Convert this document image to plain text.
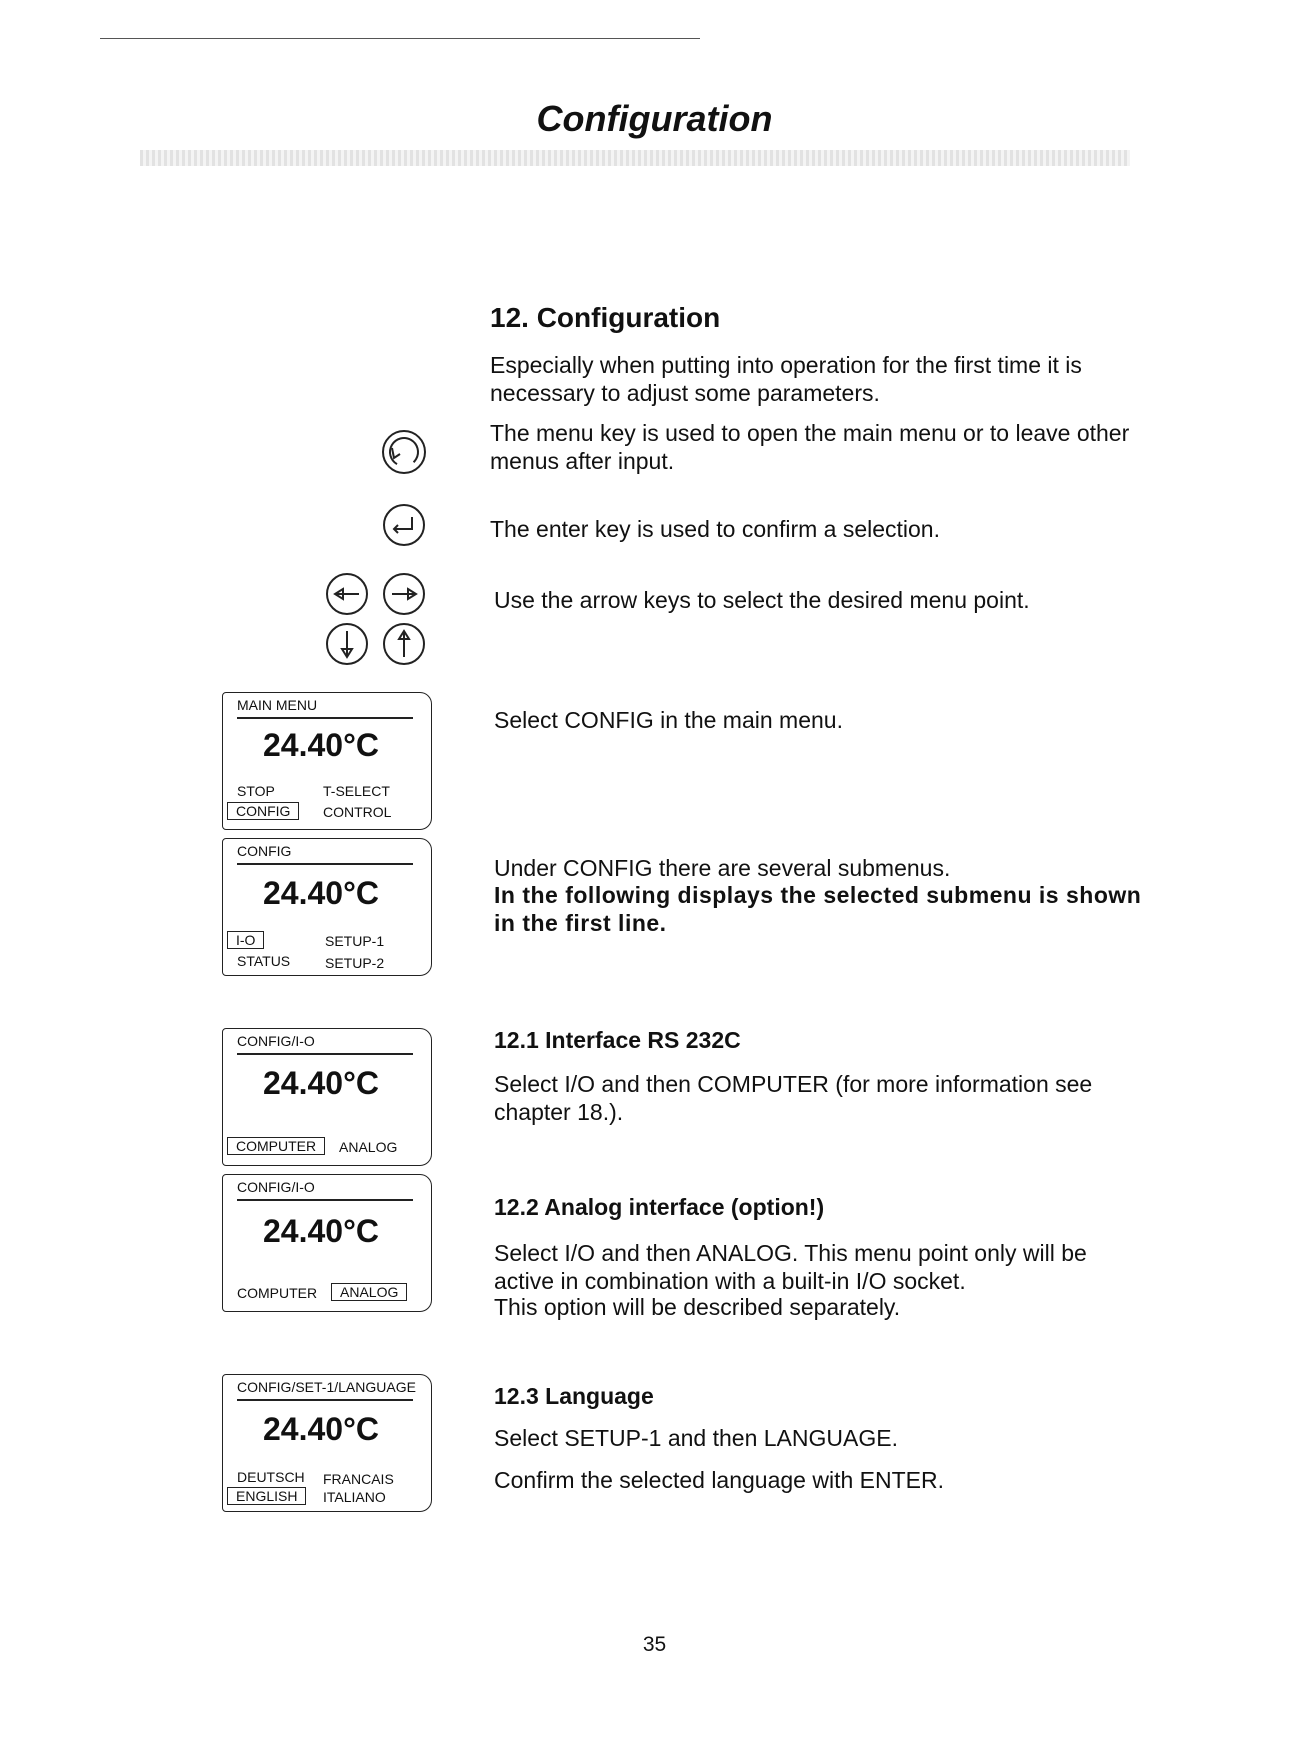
Configuration
12. Configuration
Especially when putting into operation for the first time it is necessary to adjust some parameters.
The menu key is used to open the main menu or to leave other menus after input.
The enter key is used to confirm a selection.
Use the arrow keys to select the desired menu point.
Select CONFIG in the main menu.
Under CONFIG there are several submenus.
In the following displays the selected submenu is shown in the first line.
12.1 Interface RS 232C
Select I/O and then COMPUTER (for more information see chapter 18.).
12.2 Analog interface (option!)
Select I/O and then ANALOG. This menu point only will be active in combination with a built-in I/O socket.
This option will be described separately.
12.3 Language
Select SETUP-1 and then LANGUAGE.
Confirm the selected language with ENTER.
MAIN MENU
24.40°C
STOP	T-SELECT
CONFIG	CONTROL
CONFIG
24.40°C
I-O	SETUP-1
STATUS SETUP-2
CONFIG/I-O
24.40°C
COMPUTER	ANALOG
CONFIG/I-O
24.40°C
COMPUTER	ANALOG
CONFIG/SET-1/LANGUAGE
24.40°C
DEUTSCH FRANCAIS
ENGLISH	ITALIANO
35
